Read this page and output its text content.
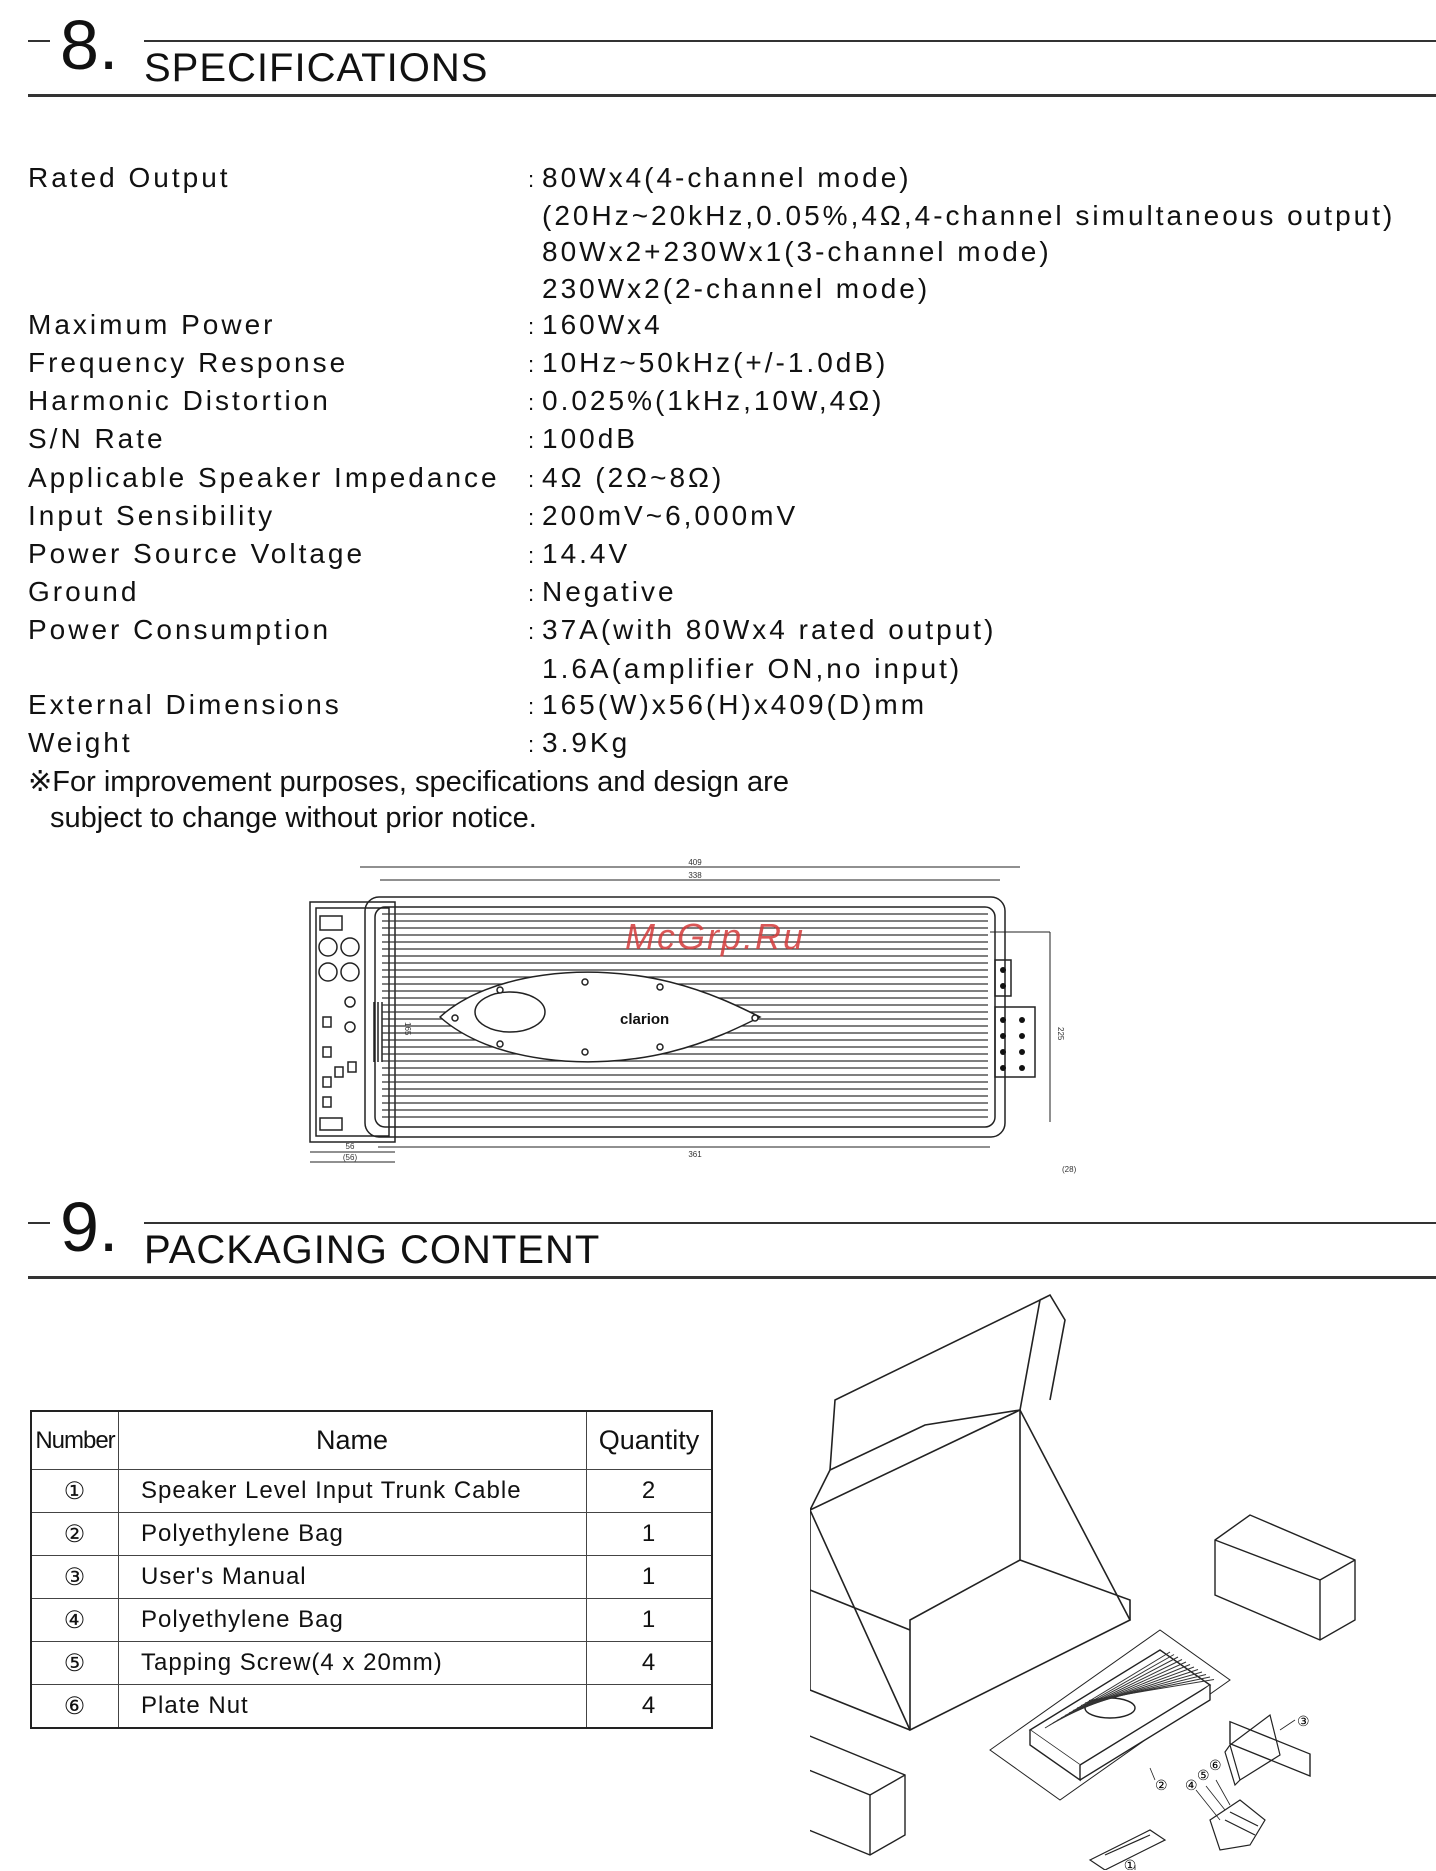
8. SPECIFICATIONS
Rated Output	: 80Wx4(4-channel mode)
(20Hz~20kHz,0.05%,4Ω,4-channel simultaneous output)
80Wx2+230Wx1(3-channel mode)
230Wx2(2-channel mode)
Maximum Power	: 160Wx4
Frequency Response	: 10Hz~50kHz(+/-1.0dB)
Harmonic Distortion	: 0.025%(1kHz,10W,4Ω)
S/N Rate	: 100dB
Applicable Speaker Impedance	: 4Ω (2Ω~8Ω)
Input Sensibility	: 200mV~6,000mV
Power Source Voltage	: 14.4V
Ground	: Negative
Power Consumption	: 37A(with 80Wx4 rated output)
1.6A(amplifier ON,no input)
External Dimensions	: 165(W)x56(H)x409(D)mm
Weight	: 3.9Kg
※For improvement purposes, specifications and design are
subject to change without prior notice.
56
(56)
165
clarion
409
338
361
225
(28)
McGrp.Ru
9. PACKAGING CONTENT
Number	Name	Quantity
①	Speaker Level Input Trunk Cable	2
②	Polyethylene Bag	1
③	User's Manual	1
④	Polyethylene Bag	1
⑤	Tapping Screw(4 x 20mm)	4
⑥	Plate Nut	4
①
②
③
④
⑤
⑥
